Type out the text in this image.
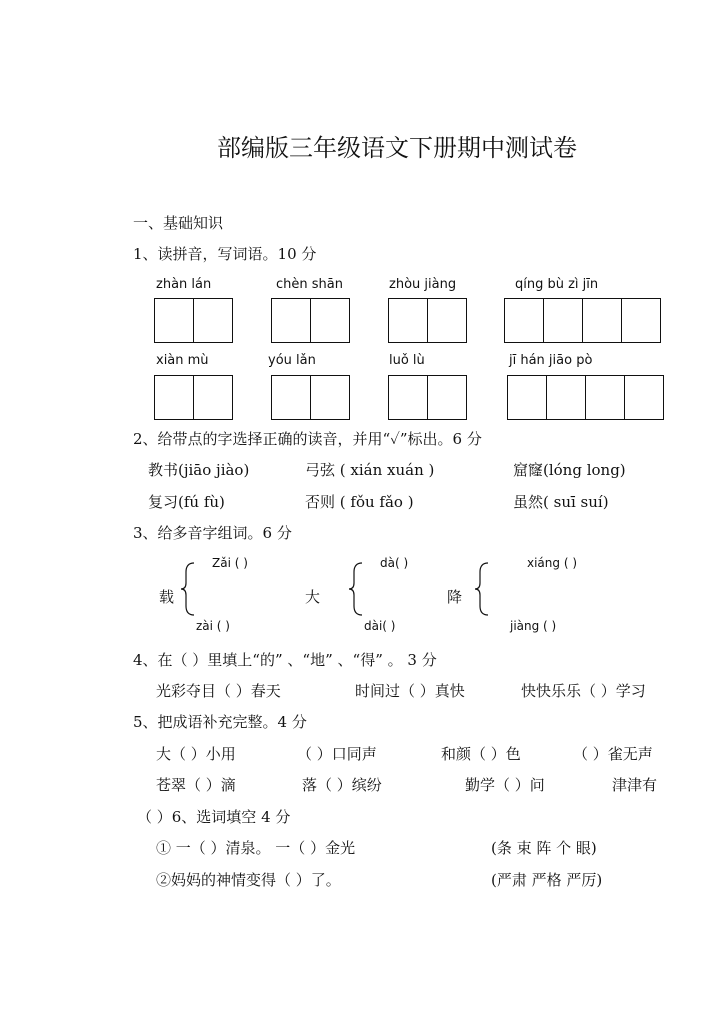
部编版三年级语文下册期中测试卷
一、基础知识
1、读拼音，写词语。10 分
zhàn lán	chèn shān	zhòu jiàng	qíng bù zì jīn
xiàn mù	yóu lǎn	luǒ lù	jī hán jiāo pò
2、给带点的字选择正确的读音，并用“✓”标出。6 分
教书(jiāo jiào)	弓弦 ( xián xuán )	窟窿(lóng long)
复习(fú fù)	否则 ( fǒu fǎo )	虽然( suī suí)
3、给多音字组词。6 分
Zǎi ( )
载
zài ( )
大
dà( )
dài( )
降
xiáng ( )
jiàng ( )
4、在（ ）里填上“的” 、“地” 、“得” 。 3 分
光彩夺目（ ）春天	时间过（ ）真快	快快乐乐（ ）学习
5、把成语补充完整。4 分
大（ ）小用	（ ）口同声	和颜（ ）色	（ ）雀无声
苍翠（ ）滴	落（ ）缤纷	勤学（ ）问	津津有
（ ）6、选词填空 4 分
① 一（ ）清泉。 一（ ）金光	(条 束 阵 个 眼)
②妈妈的神情变得（ ）了。	(严肃 严格 严厉)
